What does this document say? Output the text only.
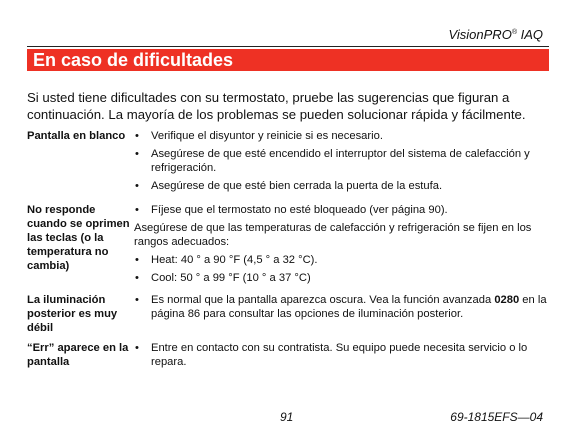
VisionPRO® IAQ
En caso de dificultades
Si usted tiene dificultades con su termostato, pruebe las sugerencias que figuran a continuación. La mayoría de los problemas se pueden solucionar rápida y fácilmente.
Pantalla en blanco
•	Verifique el disyuntor y reinicie si es necesario.
• Asegúrese de que esté encendido el interruptor del sistema de calefacción y refrigeración.
• Asegúrese de que esté bien cerrada la puerta de la estufa.
No responde cuando se oprimen las teclas (o la temperatura no cambia)
• Fíjese que el termostato no esté bloqueado (ver página 90).
Asegúrese de que las temperaturas de calefacción y refrigeración se fijen en los rangos adecuados:
• Heat: 40 ° a 90 °F (4,5 ° a 32 °C).
• Cool: 50 ° a 99 °F (10 ° a 37 °C)
La iluminación posterior es muy débil
• Es normal que la pantalla aparezca oscura. Vea la función avanzada 0280 en la página 86 para consultar las opciones de iluminación posterior.
“Err” aparece en la pantalla
• Entre en contacto con su contratista. Su equipo puede necesita servicio o lo repara.
91	69-1815EFS—04
